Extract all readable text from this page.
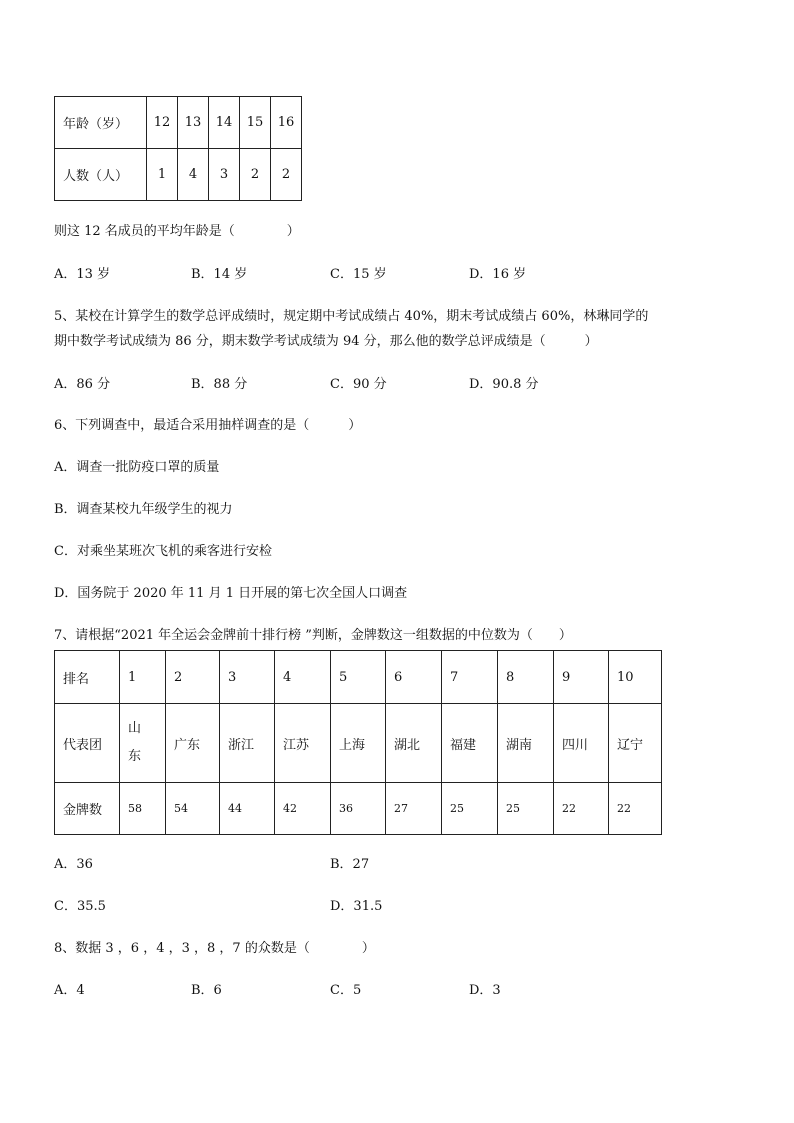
年龄（岁）	12	13	14	15	16
人数（人）	1	4	3	2	2
则这 12 名成员的平均年龄是（　　　　）
A．13 岁	B．14 岁	C．15 岁	D．16 岁
5、某校在计算学生的数学总评成绩时，规定期中考试成绩占 40%，期末考试成绩占 60%，林琳同学的
期中数学考试成绩为 86 分，期末数学考试成绩为 94 分，那么他的数学总评成绩是（　　　）
A．86 分	B．88 分	C．90 分	D．90.8 分
6、下列调查中，最适合采用抽样调查的是（　　　）
A．调查一批防疫口罩的质量
B．调查某校九年级学生的视力
C．对乘坐某班次飞机的乘客进行安检
D．国务院于 2020 年 11 月 1 日开展的第七次全国人口调查
7、请根据“2021 年全运会金牌前十排行榜 ”判断，金牌数这一组数据的中位数为（　　）
排名	1	2	3	4	5	6	7	8	9	10
代表团	山东	广东	浙江	江苏	上海	湖北	福建	湖南	四川	辽宁
金牌数	58	54	44	42	36	27	25	25	22	22
A．36	B．27
C．35.5	D．31.5
8、数据 3 ，6 ，4 ，3 ，8 ，7 的众数是（　　　　）
A．4	B．6	C．5	D．3
